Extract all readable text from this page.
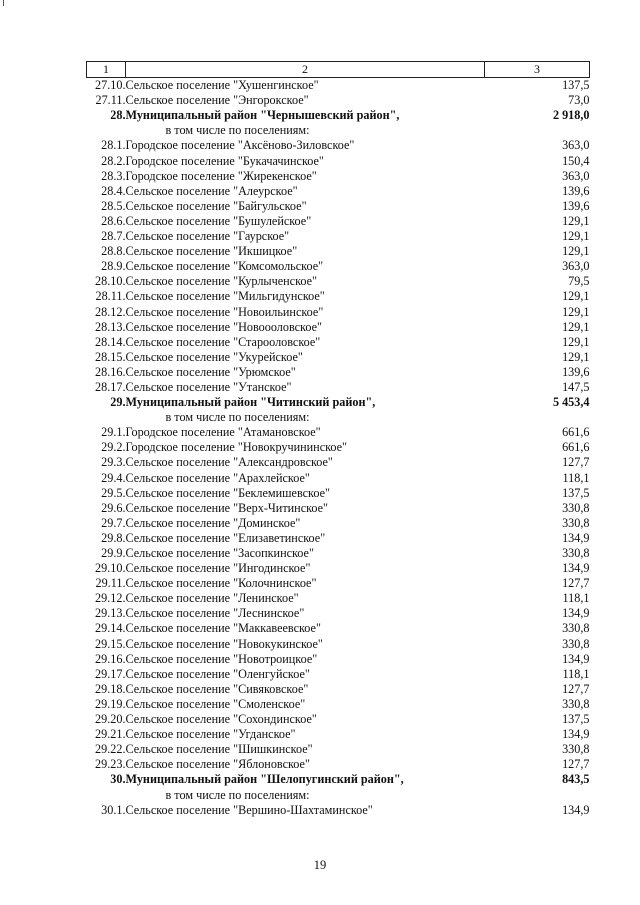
1	2	3
27.10.	Сельское поселение "Хушенгинское"	137,5
27.11.	Сельское поселение "Энгорокское"	73,0
28.	Муниципальный район "Чернышевский район",	2 918,0
	в том числе по поселениям:	
28.1.	Городское поселение "Аксёново-Зиловское"	363,0
28.2.	Городское поселение "Букачачинское"	150,4
28.3.	Городское поселение "Жирекенское"	363,0
28.4.	Сельское поселение "Алеурское"	139,6
28.5.	Сельское поселение "Байгульское"	139,6
28.6.	Сельское поселение "Бушулейское"	129,1
28.7.	Сельское поселение "Гаурское"	129,1
28.8.	Сельское поселение "Икшицкое"	129,1
28.9.	Сельское поселение "Комсомольское"	363,0
28.10.	Сельское поселение "Курлыченское"	79,5
28.11.	Сельское поселение "Мильгидунское"	129,1
28.12.	Сельское поселение "Новоильинское"	129,1
28.13.	Сельское поселение "Новоооловское"	129,1
28.14.	Сельское поселение "Старооловское"	129,1
28.15.	Сельское поселение "Укурейское"	129,1
28.16.	Сельское поселение "Урюмское"	139,6
28.17.	Сельское поселение "Утанское"	147,5
29.	Муниципальный район "Читинский район",	5 453,4
	в том числе по поселениям:	
29.1.	Городское поселение "Атамановское"	661,6
29.2.	Городское поселение "Новокручининское"	661,6
29.3.	Сельское поселение "Александровское"	127,7
29.4.	Сельское поселение "Арахлейское"	118,1
29.5.	Сельское поселение "Беклемишевское"	137,5
29.6.	Сельское поселение "Верх-Читинское"	330,8
29.7.	Сельское поселение "Доминское"	330,8
29.8.	Сельское поселение "Елизаветинское"	134,9
29.9.	Сельское поселение "Засопкинское"	330,8
29.10.	Сельское поселение "Ингодинское"	134,9
29.11.	Сельское поселение "Колочнинское"	127,7
29.12.	Сельское поселение "Ленинское"	118,1
29.13.	Сельское поселение "Леснинское"	134,9
29.14.	Сельское поселение "Маккавеевское"	330,8
29.15.	Сельское поселение "Новокукинское"	330,8
29.16.	Сельское поселение "Новотроицкое"	134,9
29.17.	Сельское поселение "Оленгуйское"	118,1
29.18.	Сельское поселение "Сивяковское"	127,7
29.19.	Сельское поселение "Смоленское"	330,8
29.20.	Сельское поселение "Сохондинское"	137,5
29.21.	Сельское поселение "Угданское"	134,9
29.22.	Сельское поселение "Шишкинское"	330,8
29.23.	Сельское поселение "Яблоновское"	127,7
30.	Муниципальный район "Шелопугинский район",	843,5
	в том числе по поселениям:	
30.1.	Сельское поселение "Вершино-Шахтаминское"	134,9
19
